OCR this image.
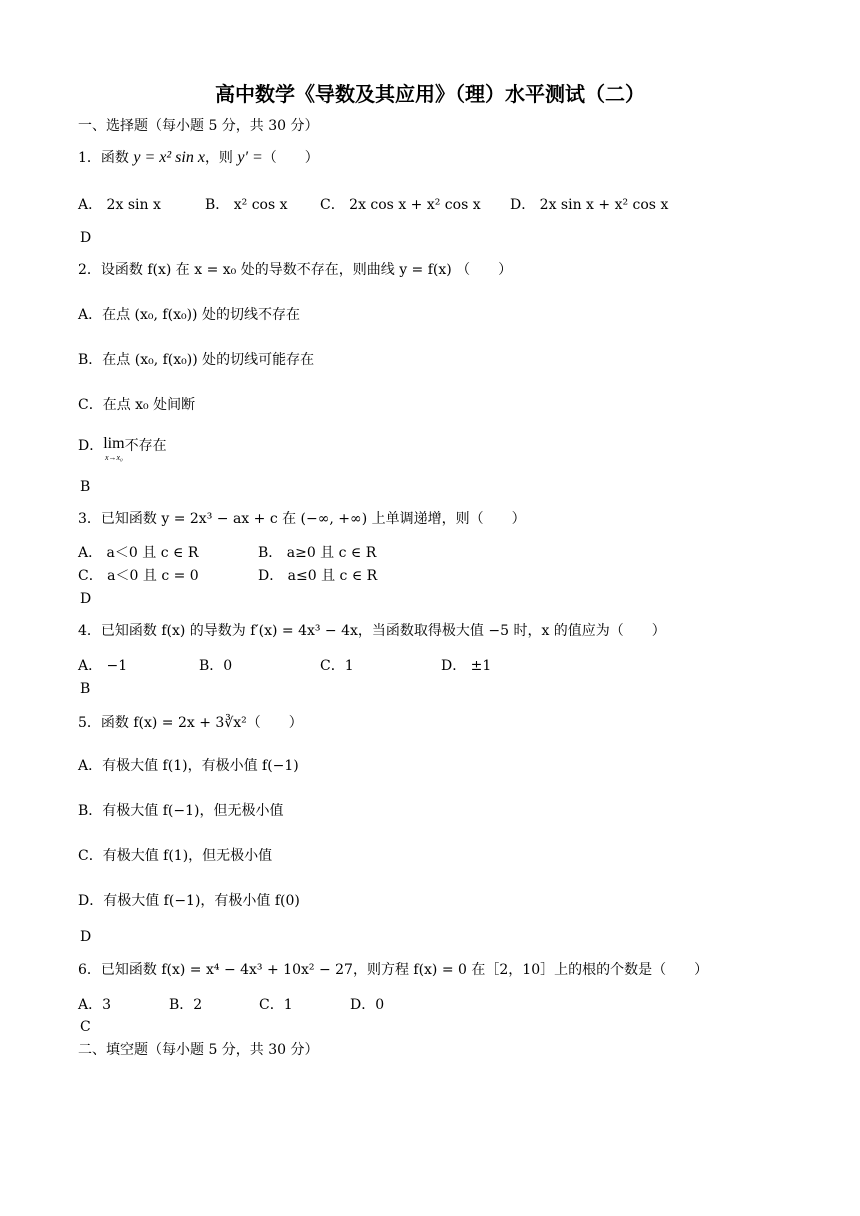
高中数学《导数及其应用》（理）水平测试（二）
一、选择题（每小题 5 分，共 30 分）
1．函数 y = x² sin x，则 y′ =（　　）
A． 2x sin x	B． x² cos x C． 2x cos x + x² cos x D． 2x sin x + x² cos x
D
2．设函数 f(x) 在 x = x₀ 处的导数不存在，则曲线 y = f(x) （　　）
A．在点 (x₀, f(x₀)) 处的切线不存在
B．在点 (x₀, f(x₀)) 处的切线可能存在
C．在点 x₀ 处间断
D．lim
x→x₀
不存在
B
3．已知函数 y = 2x³ − ax + c 在 (−∞, +∞) 上单调递增，则（　　）
A． a＜0 且 c ∈ R	B． a≥0 且 c ∈ R
C． a＜0 且 c = 0	D． a≤0 且 c ∈ R
D
4．已知函数 f(x) 的导数为 f′(x) = 4x³ − 4x，当函数取得极大值 −5 时，x 的值应为（　　）
A． −1	B．0	C．1	D． ±1
B
5．函数 f(x) = 2x + 3∛x²（　　）
A．有极大值 f(1)，有极小值 f(−1)
B．有极大值 f(−1)，但无极小值
C．有极大值 f(1)，但无极小值
D．有极大值 f(−1)，有极小值 f(0)
D
6．已知函数 f(x) = x⁴ − 4x³ + 10x² − 27，则方程 f(x) = 0 在［2，10］上的根的个数是（　　）
A．3	B．2	C．1	D．0
C
二、填空题（每小题 5 分，共 30 分）
